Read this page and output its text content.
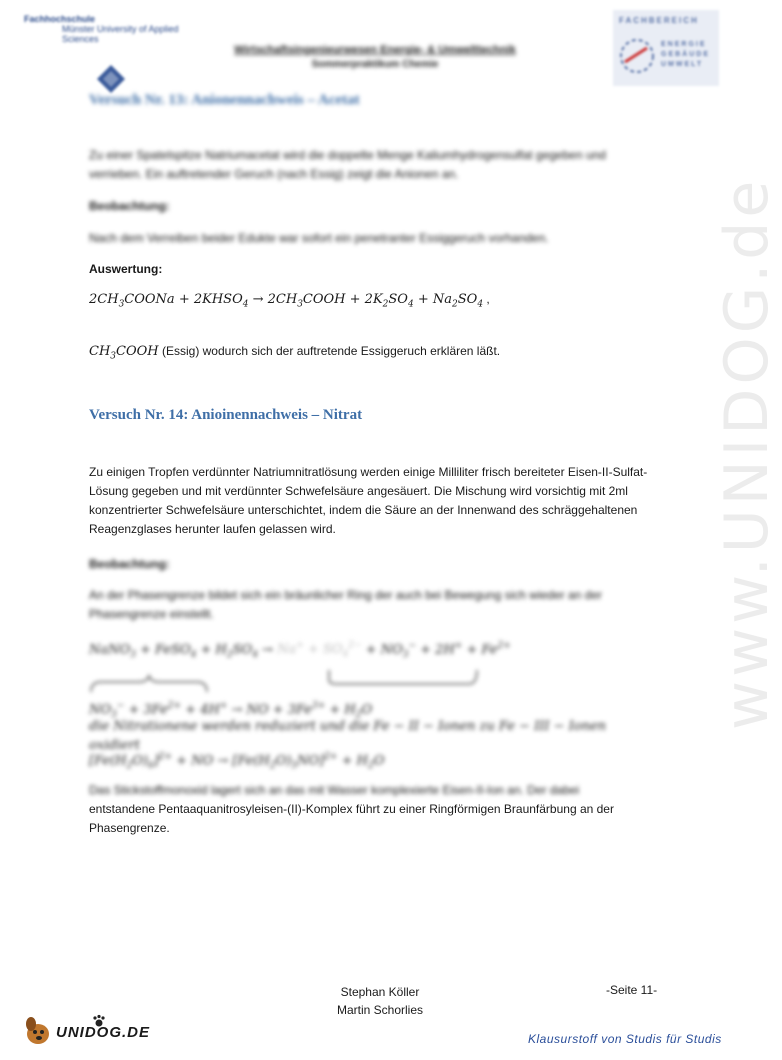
www.UNIDOG.de
Fachhochschule
Münster University of Applied Sciences
Wirtschaftsingenieurwesen Energie- & Umwelttechnik
Sommerpraktikum Chemie
FACHBEREICH
ENERGIE GEBÄUDE UMWELT
Versuch Nr. 13: Anionennachweis – Acetat
Zu einer Spatelspitze Natriumacetat wird die doppelte Menge Kaliumhydrogensulfat gegeben und verrieben. Ein auftretender Geruch (nach Essig) zeigt die Anionen an.
Beobachtung:
Nach dem Verreiben beider Edukte war sofort ein penetranter Essiggeruch vorhanden.
Auswertung:
$2CH_3COONa$ + $2KHSO_4$ → $2CH_3COOH + 2K_2SO_4 + Na_2SO_4$ ,
$CH_3COOH$ (Essig) wodurch sich der auftretende Essiggeruch erklären läßt.
Versuch Nr. 14: Anioinennachweis – Nitrat
Zu einigen Tropfen verdünnter Natriumnitratlösung werden einige Milliliter frisch bereiteter Eisen-II-Sulfat-Lösung gegeben und mit verdünnter Schwefelsäure angesäuert. Die Mischung wird vorsichtig mit 2ml konzentrierter Schwefelsäure unterschichtet, indem die Säure an der Innenwand des schräggehaltenen Reagenzglases herunter laufen gelassen wird.
Beobachtung:
An der Phasengrenze bildet sich ein bräunlicher Ring der auch bei Bewegung sich wieder an der Phasengrenze einstellt.
NaNO$_3$ + FeSO$_4$ + $H_2SO_4 \to Na^+ + SO_4^{2-} + NO_3^- + 2H^+ + Fe^{2+}$
$NO_3^- + 3Fe^{2+} + 4H^+$ → NO + $3Fe^{3+} + H_2O$
die Nitrationene werden reduziert und die Fe − II − Ionen zu Fe − III − Ionen oxidiert
$[Fe(H_2O)_6]^{2+}$ + NO → $[Fe(H_2O)_5NO]^{2+} + H_2O$
Das Stickstoffmonoxid lagert sich an das mit Wasser komplexierte Eisen-II-Ion an. Der dabei
entstandene Pentaaquanitrosyleisen-(II)-Komplex führt zu einer Ringförmigen Braunfärbung an der Phasengrenze.
Stephan Köller
Martin Schorlies
-Seite 11-
UNIDOG.DE	Klausurstoff von Studis für Studis
